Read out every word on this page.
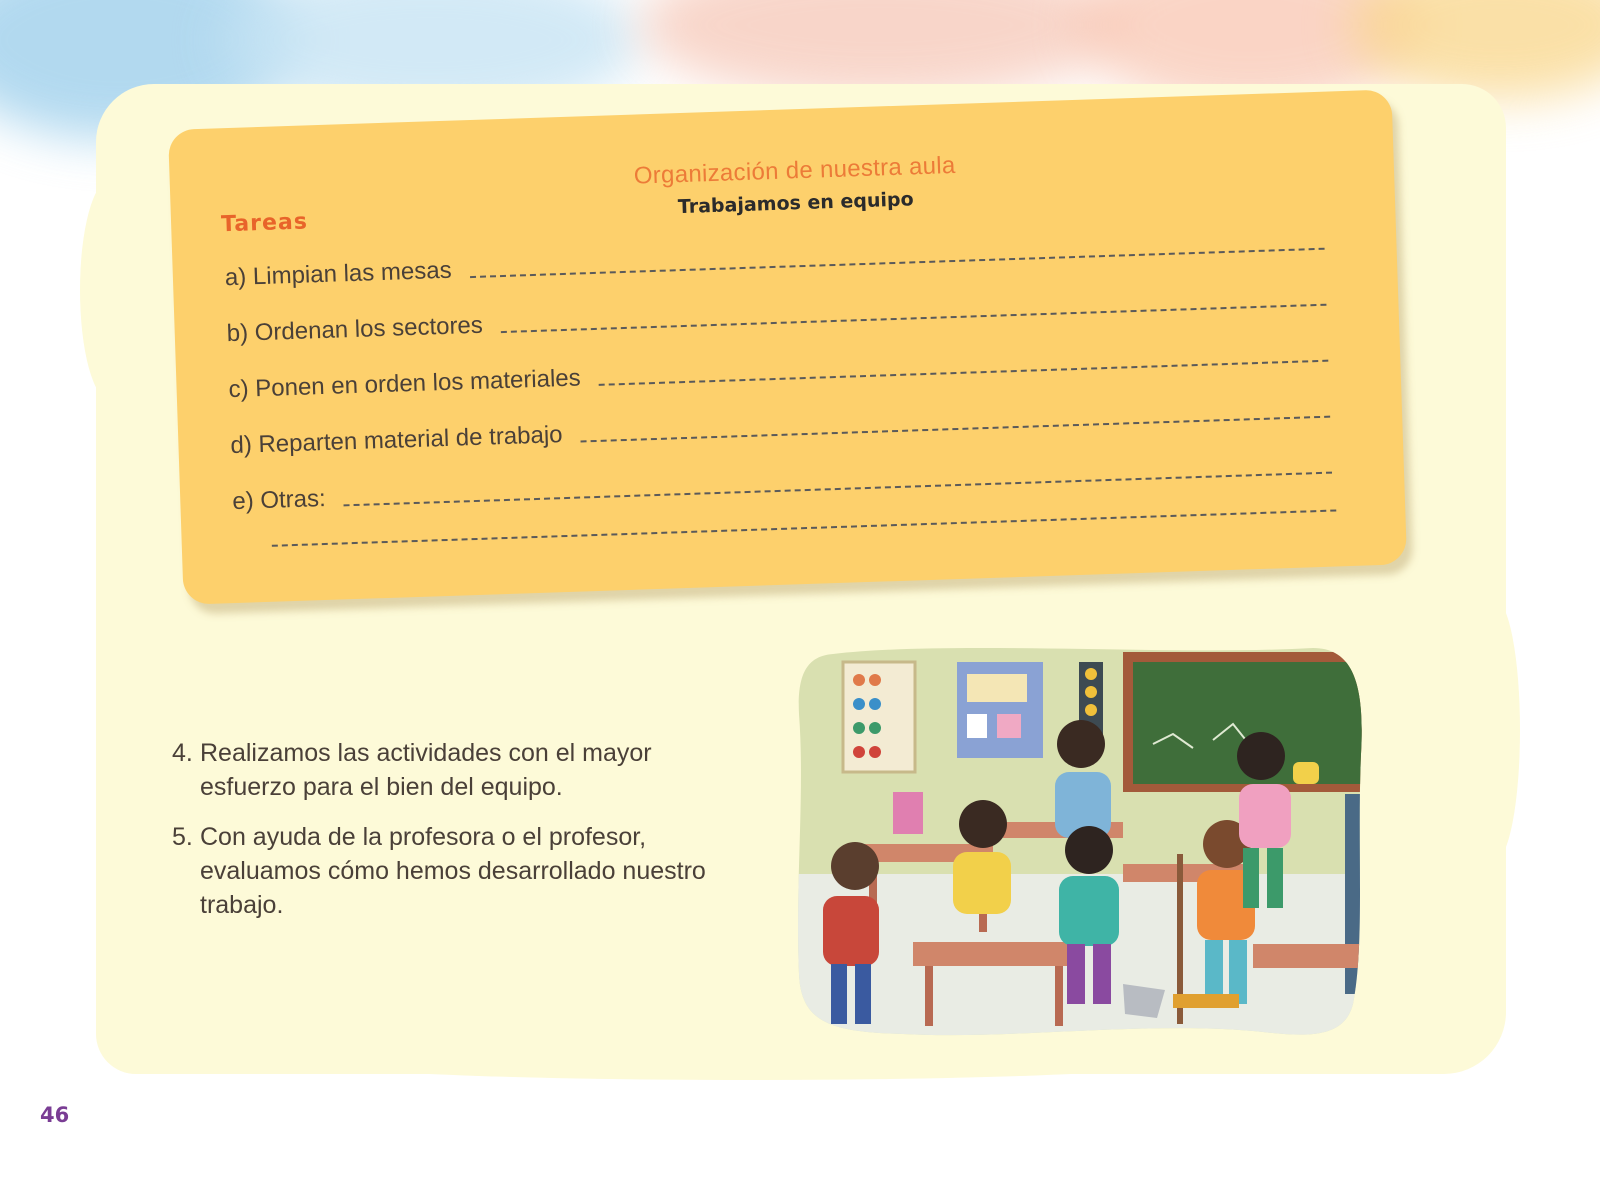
Organización de nuestra aula
Trabajamos en equipo
Tareas
a) Limpian las mesas
b) Ordenan los sectores
c) Ponen en orden los materiales
d) Reparten material de trabajo
e) Otras:
4. Realizamos las actividades con el mayor esfuerzo para el bien del equipo.
5. Con ayuda de la profesora o el profesor, evaluamos cómo hemos desarrollado nuestro trabajo.
46
